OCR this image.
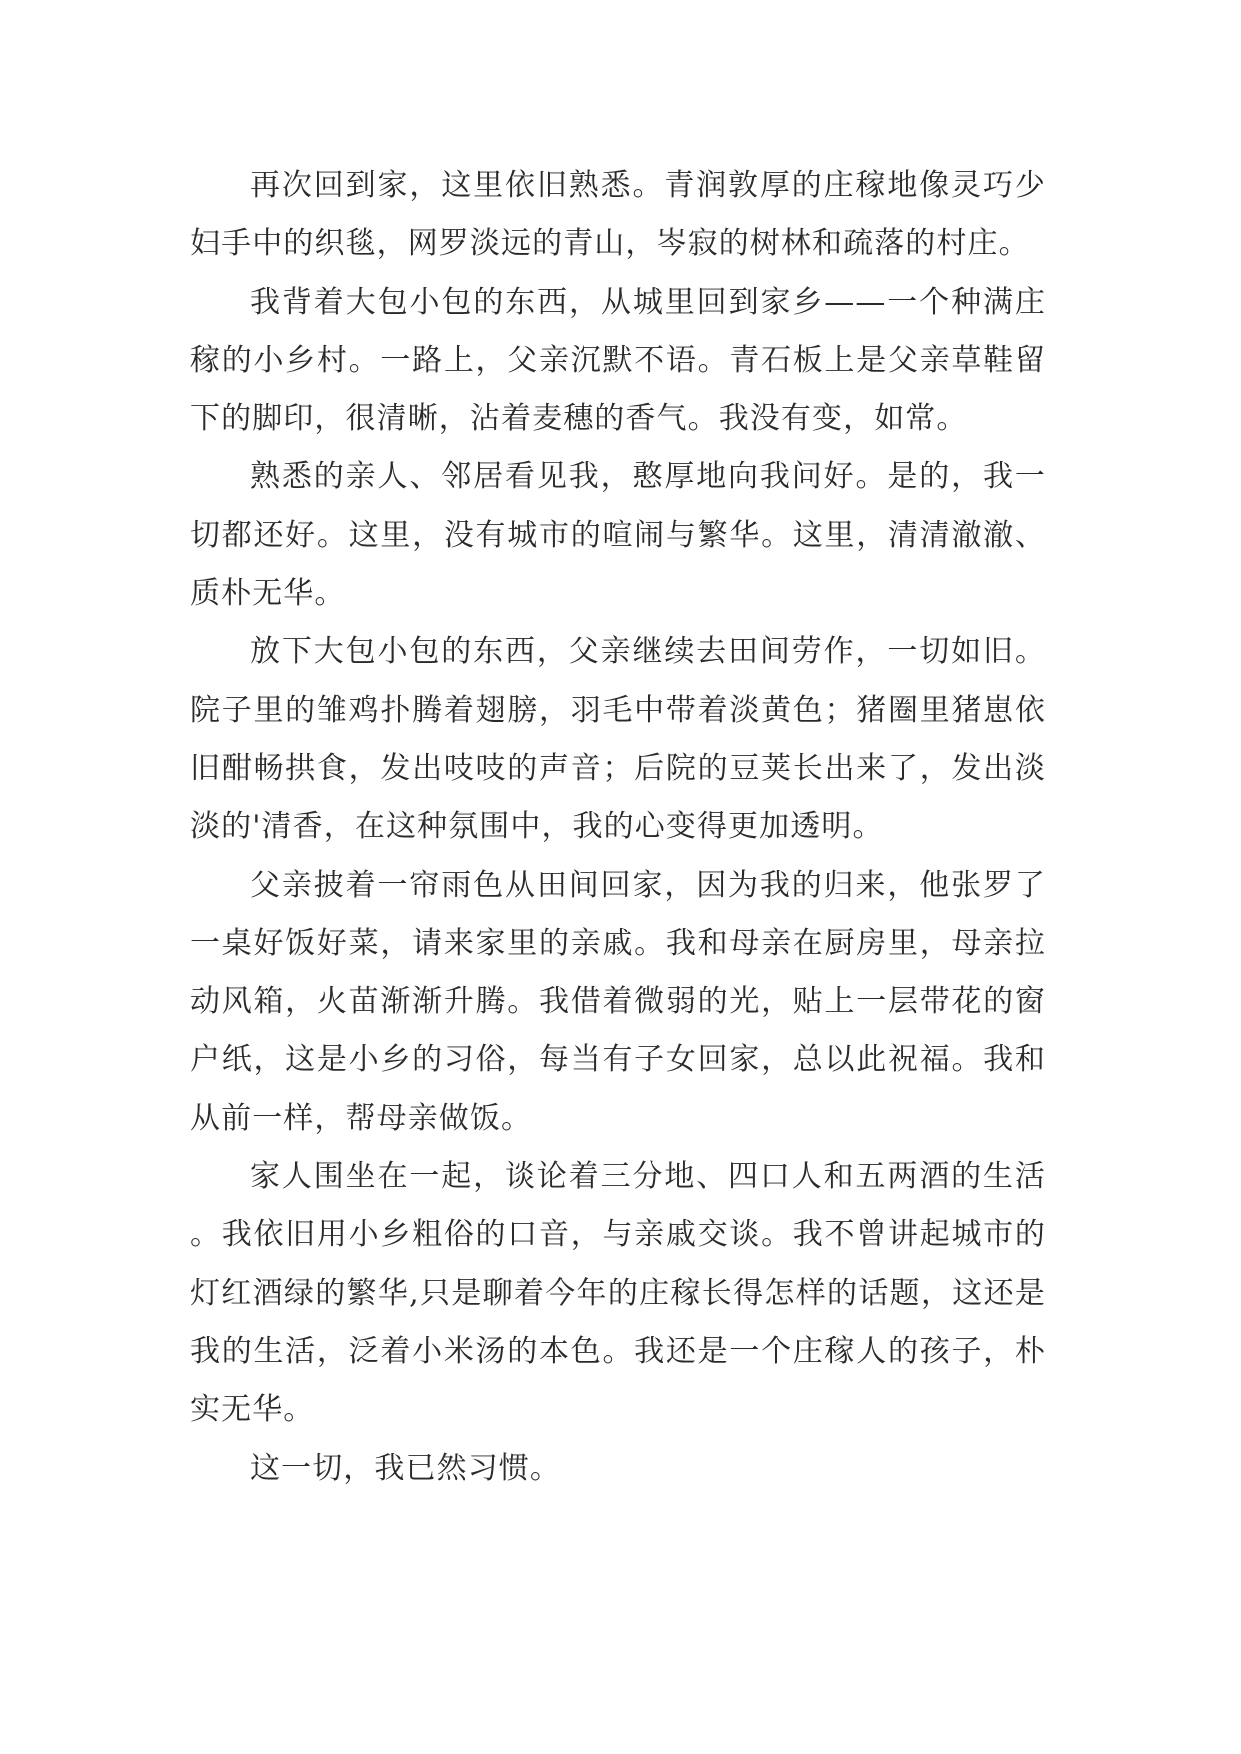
再次回到家，这里依旧熟悉。青润敦厚的庄稼地像灵巧少妇手中的织毯，网罗淡远的青山，岑寂的树林和疏落的村庄。

我背着大包小包的东西，从城里回到家乡——一个种满庄稼的小乡村。一路上，父亲沉默不语。青石板上是父亲草鞋留下的脚印，很清晰，沾着麦穗的香气。我没有变，如常。

熟悉的亲人、邻居看见我，憨厚地向我问好。是的，我一切都还好。这里，没有城市的喧闹与繁华。这里，清清澈澈、质朴无华。

放下大包小包的东西，父亲继续去田间劳作，一切如旧。院子里的雏鸡扑腾着翅膀，羽毛中带着淡黄色；猪圈里猪崽依旧酣畅拱食，发出吱吱的声音；后院的豆荚长出来了，发出淡淡的'清香，在这种氛围中，我的心变得更加透明。

父亲披着一帘雨色从田间回家，因为我的归来，他张罗了一桌好饭好菜，请来家里的亲戚。我和母亲在厨房里，母亲拉动风箱，火苗渐渐升腾。我借着微弱的光，贴上一层带花的窗户纸，这是小乡的习俗，每当有子女回家，总以此祝福。我和从前一样，帮母亲做饭。

家人围坐在一起，谈论着三分地、四口人和五两酒的生活。我依旧用小乡粗俗的口音，与亲戚交谈。我不曾讲起城市的灯红酒绿的繁华,只是聊着今年的庄稼长得怎样的话题，这还是我的生活，泛着小米汤的本色。我还是一个庄稼人的孩子，朴实无华。

这一切，我已然习惯。
